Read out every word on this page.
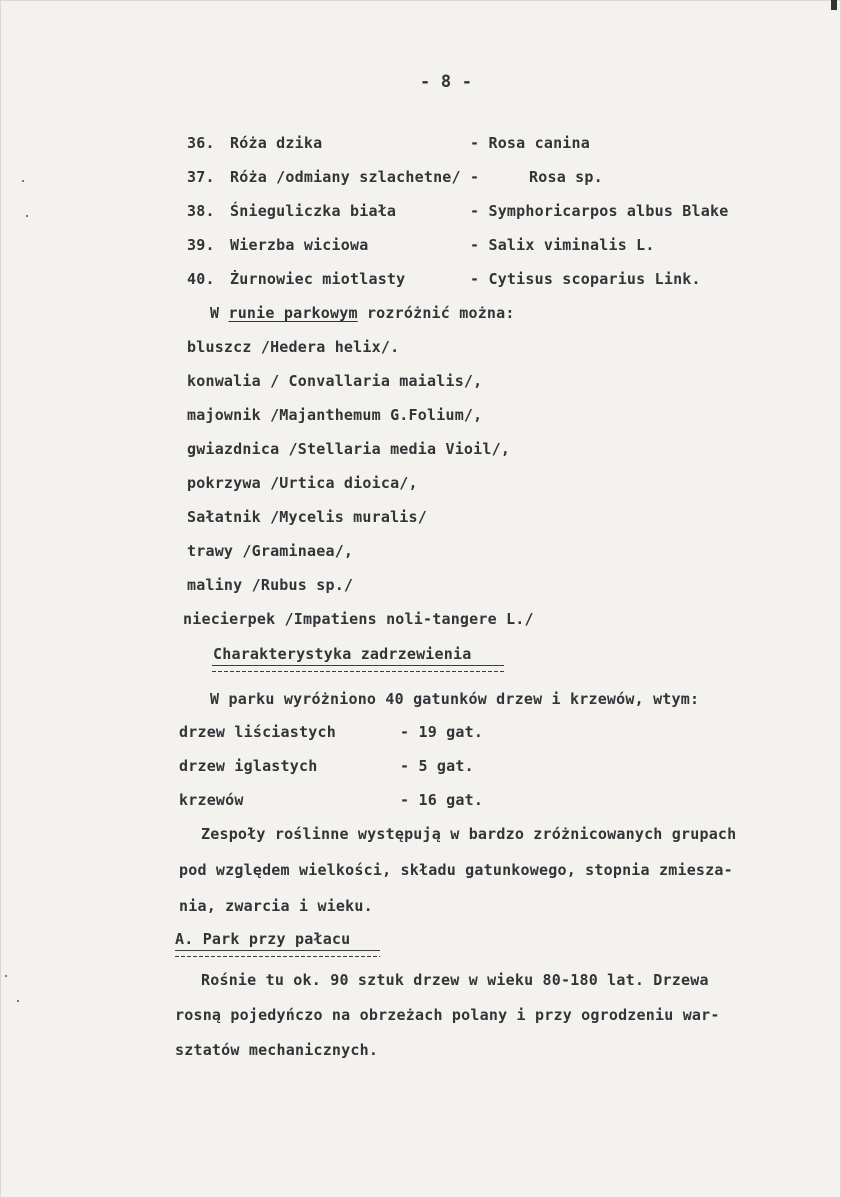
- 8 -
36. Róża dzika	- Rosa canina
37. Róża /odmiany szlachetne/ -	Rosa sp.
38. Śnieguliczka biała	- Symphoricarpos albus Blake
39. Wierzba wiciowa	- Salix viminalis L.
40. Żurnowiec miotlasty	- Cytisus scoparius Link.
W runie parkowym rozróżnić można:
bluszcz /Hedera helix/.
konwalia / Convallaria maialis/,
majownik /Majanthemum G.Folium/,
gwiazdnica /Stellaria media Vioil/,
pokrzywa /Urtica dioica/,
Sałatnik /Mycelis muralis/
trawy /Graminaea/,
maliny /Rubus sp./
niecierpek /Impatiens noli-tangere L./
Charakterystyka zadrzewienia
W parku wyróżniono 40 gatunków drzew i krzewów, wtym:
drzew liściastych	- 19 gat.
drzew iglastych	- 5 gat.
krzewów	- 16 gat.
Zespoły roślinne występują w bardzo zróżnicowanych grupach
pod względem wielkości, składu gatunkowego, stopnia zmiesza-
nia, zwarcia i wieku.
A. Park przy pałacu
Rośnie tu ok. 90 sztuk drzew w wieku 80-180 lat. Drzewa
rosną pojedyńczo na obrzeżach polany i przy ogrodzeniu war-
sztatów mechanicznych.
